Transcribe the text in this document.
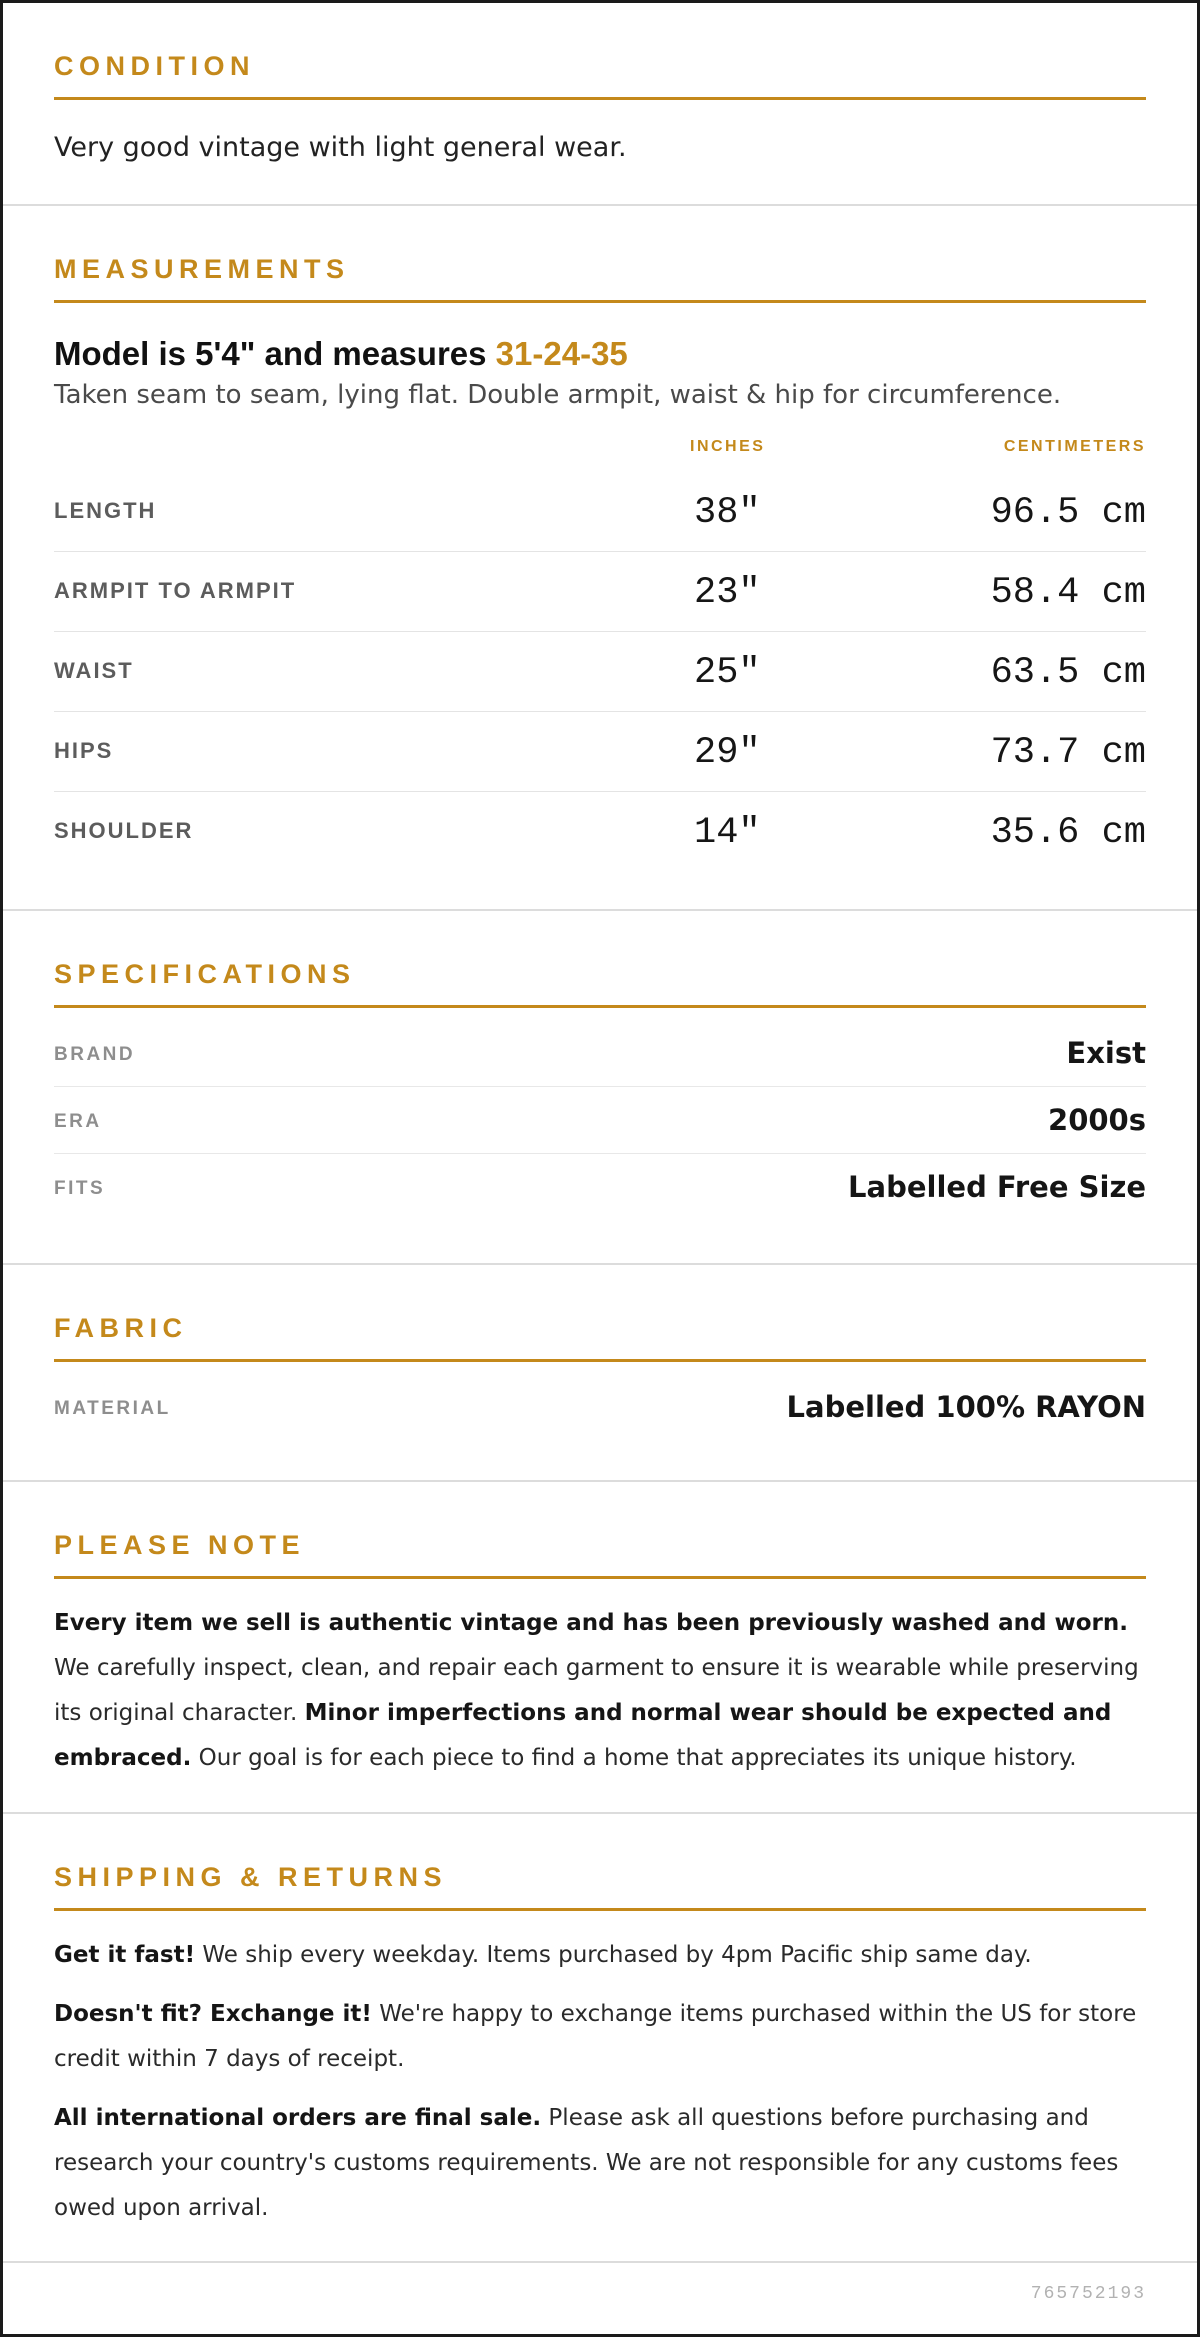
CONDITION
Very good vintage with light general wear.
MEASUREMENTS
Model is 5'4" and measures 31-24-35
Taken seam to seam, lying flat. Double armpit, waist & hip for circumference.
INCHES	CENTIMETERS
LENGTH	38"	96.5 cm
ARMPIT TO ARMPIT	23"	58.4 cm
WAIST	25"	63.5 cm
HIPS	29"	73.7 cm
SHOULDER	14"	35.6 cm
SPECIFICATIONS
BRAND	Exist
ERA	2000s
FITS	Labelled Free Size
FABRIC
MATERIAL	Labelled 100% RAYON
PLEASE NOTE

Every item we sell is authentic vintage and has been previously washed and worn. We carefully inspect, clean, and repair each garment to ensure it is wearable while preserving its original character. Minor imperfections and normal wear should be expected and embraced. Our goal is for each piece to find a home that appreciates its unique history.

SHIPPING & RETURNS

Get it fast! We ship every weekday. Items purchased by 4pm Pacific ship same day.

Doesn't fit? Exchange it! We're happy to exchange items purchased within the US for store credit within 7 days of receipt.

All international orders are final sale. Please ask all questions before purchasing and research your country's customs requirements. We are not responsible for any customs fees owed upon arrival.

765752193
